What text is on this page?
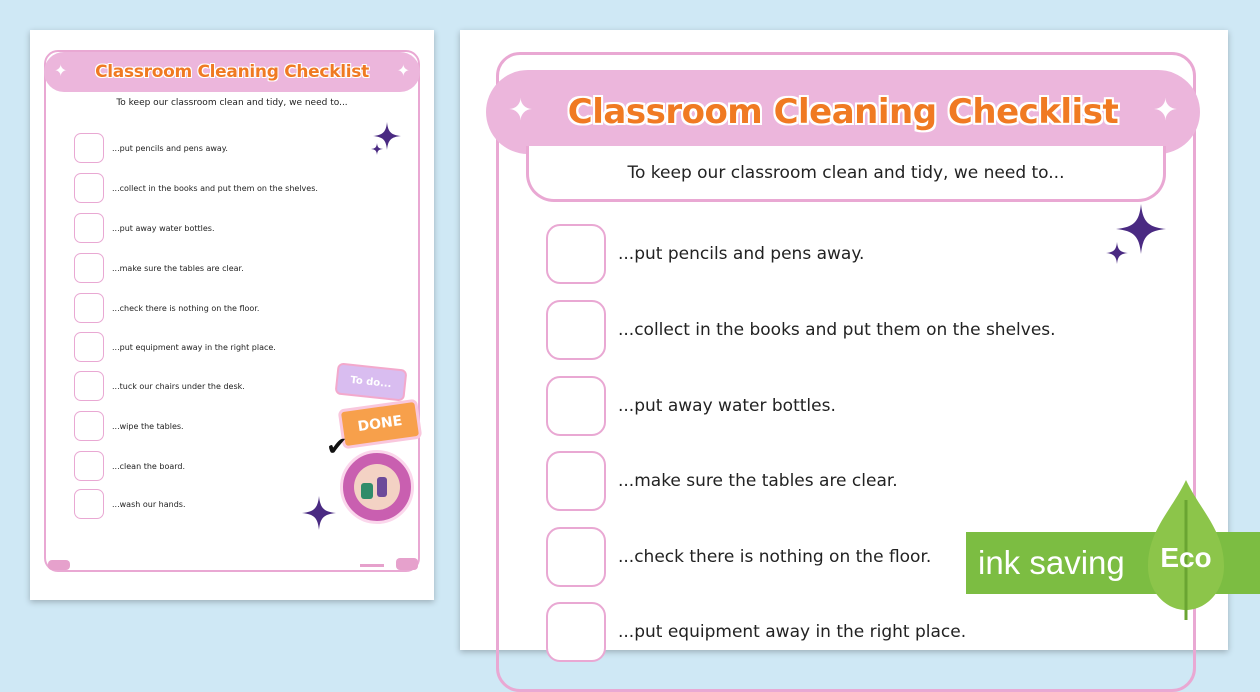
✦ Classroom Cleaning Checklist ✦
To keep our classroom clean and tidy, we need to...
...put pencils and pens away.
...collect in the books and put them on the shelves.
...put away water bottles.
...make sure the tables are clear.
...check there is nothing on the floor.
...put equipment away in the right place.
...tuck our chairs under the desk.
...wipe the tables.
...clean the board.
...wash our hands.
To do...
DONE
✔
✦ Classroom Cleaning Checklist ✦
To keep our classroom clean and tidy, we need to...
...put pencils and pens away.
...collect in the books and put them on the shelves.
...put away water bottles.
...make sure the tables are clear.
...check there is nothing on the floor.
...put equipment away in the right place.
ink saving	Eco
